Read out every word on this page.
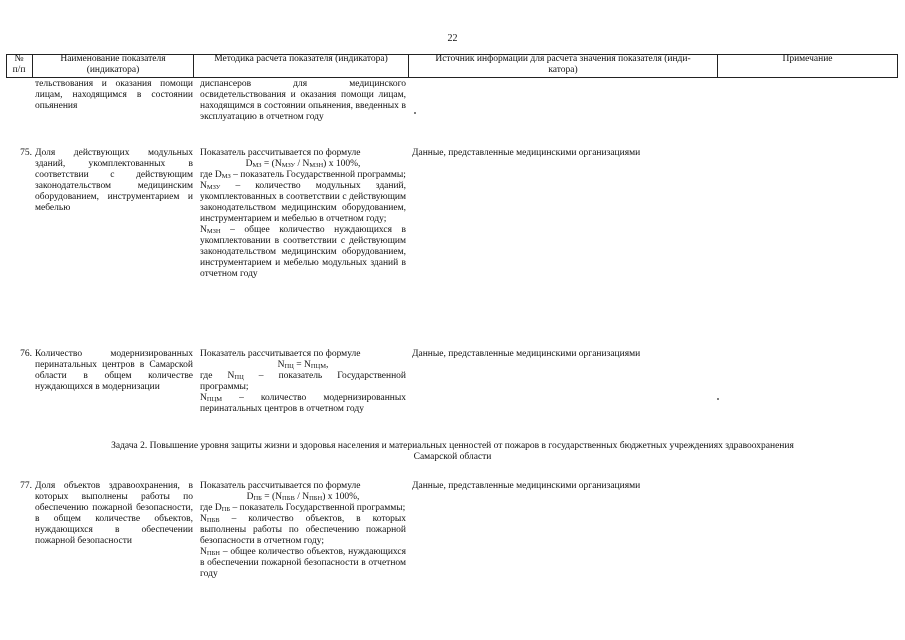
22
№
п/п
Наименование показателя
(индикатора)
Методика расчета показателя (индикатора)	Источник информации для расчета значения показателя (инди-
катора)
Примечание
тельствования и оказания помощи лицам, находящимся в состоянии опьянения
диспансеров для медицинского освидетельствования и оказания помощи лицам, находящимся в состоянии опьянения, введенных в эксплуатацию в отчетном году
75. Доля действующих модульных зданий, укомплектованных в соответствии с действующим законодательством медицинским оборудованием, инструментарием и мебелью
Показатель рассчитывается по формуле
$D_{МЗ} = (N_{МЗУ} / N_{МЗН})$ x 100%,
где $D_{МЗ}$ – показатель Государственной программы;
$N_{МЗУ}$ – количество модульных зданий, укомплектованных в соответствии с действующим законодательством медицинским оборудованием, инструментарием и мебелью в отчетном году;
$N_{МЗН}$ – общее количество нуждающихся в укомплектовании в соответствии с действующим законодательством медицинским оборудованием, инструментарием и мебелью модульных зданий в отчетном году
Данные, представленные медицинскими организациями
76. Количество модернизированных перинатальных центров в Самарской области в общем количестве нуждающихся в модернизации
Показатель рассчитывается по формуле
$N_{ПЦ} = N_{ПЦМ}$,
где $N_{ПЦ}$ – показатель Государственной программы;
$N_{ПЦМ}$ – количество модернизированных перинатальных центров в отчетном году
Данные, представленные медицинскими организациями
Задача 2. Повышение уровня защиты жизни и здоровья населения и материальных ценностей от пожаров в государственных бюджетных учреждениях здравоохранения
Самарской области
77. Доля объектов здравоохранения, в которых выполнены работы по обеспечению пожарной безопасности, в общем количестве объектов, нуждающихся в обеспечении пожарной безопасности
Показатель рассчитывается по формуле
$D_{ПБ} = (N_{ПБВ} / N_{ПБН})$ x 100%,
где $D_{ПБ}$ – показатель Государственной программы;
$N_{ПБВ}$ – количество объектов, в которых выполнены работы по обеспечению пожарной безопасности в отчетном году;
$N_{ПБН}$ – общее количество объектов, нуждающихся в обеспечении пожарной безопасности в отчетном году
Данные, представленные медицинскими организациями
